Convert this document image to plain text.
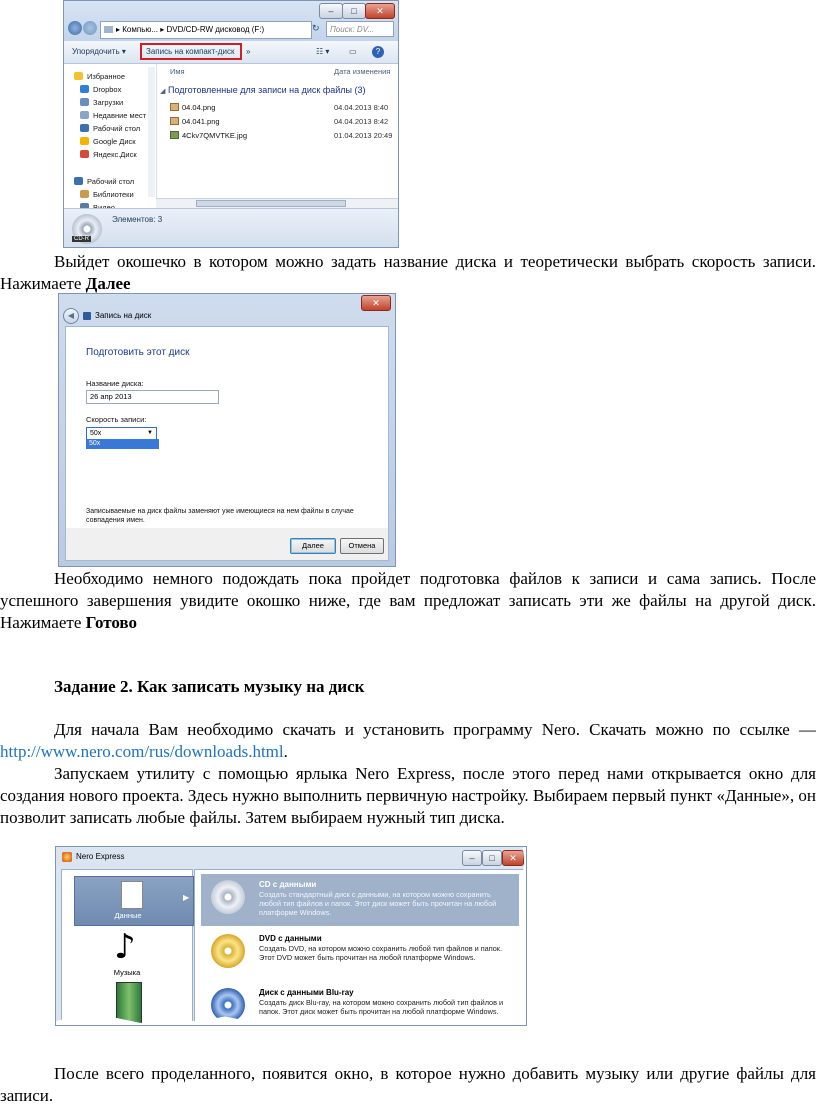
–	□	✕
▸ Компью... ▸ DVD/CD-RW дисковод (F:)	↻	Поиск: DV...
Упорядочить ▾	Запись на компакт-диск	»	☷ ▾ ▭	?
Избранное
Dropbox
Загрузки
Недавние мест
Рабочий стол
Google Диск
Яндекс.Диск
Рабочий стол
Библиотеки
Имя	Дата изменения
◢ Подготовленные для записи на диск файлы (3)
04.04.png	04.04.2013 8:40
04.041.png	04.04.2013 8:42
4Ckv7QMVTKE.jpg	01.04.2013 20:49
CD-R
Элементов: 3
Выйдет окошечко в котором можно задать название диска и теоретически выбрать скорость записи. Нажимаете Далее
✕
◀	Запись на диск
Подготовить этот диск
Название диска:
26 апр 2013
Скорость записи:
50x	▼
50x
Записываемые на диск файлы заменяют уже имеющиеся на нем файлы в случае совпадения имен.
Далее	Отмена
Необходимо немного подождать пока пройдет подготовка файлов к записи и сама запись. После успешного завершения увидите окошко ниже, где вам предложат записать эти же файлы на другой диск. Нажимаете Готово
Задание 2. Как записать музыку на диск
Для начала Вам необходимо скачать и установить программу Nero. Скачать можно по ссылке — http://www.nero.com/rus/downloads.html.
Запускаем утилиту с помощью ярлыка Nero Express, после этого перед нами открывается окно для создания нового проекта. Здесь нужно выполнить первичную настройку. Выбираем первый пункт «Данные», он позволит записать любые файлы. Затем выбираем нужный тип диска.
Nero Express	–	□	✕
Данные
▶
♪
Музыка
CD с данными
Создать стандартный диск с данными, на котором можно сохранить любой тип файлов и папок. Этот диск может быть прочитан на любой платформе Windows.
DVD с данными
Создать DVD, на котором можно сохранить любой тип файлов и папок. Этот DVD может быть прочитан на любой платформе Windows.
Диск с данными Blu-ray
Создать диск Blu-ray, на котором можно сохранить любой тип файлов и папок. Этот диск может быть прочитан на любой платформе Windows.
После всего проделанного, появится окно, в которое нужно добавить музыку или другие файлы для записи.
